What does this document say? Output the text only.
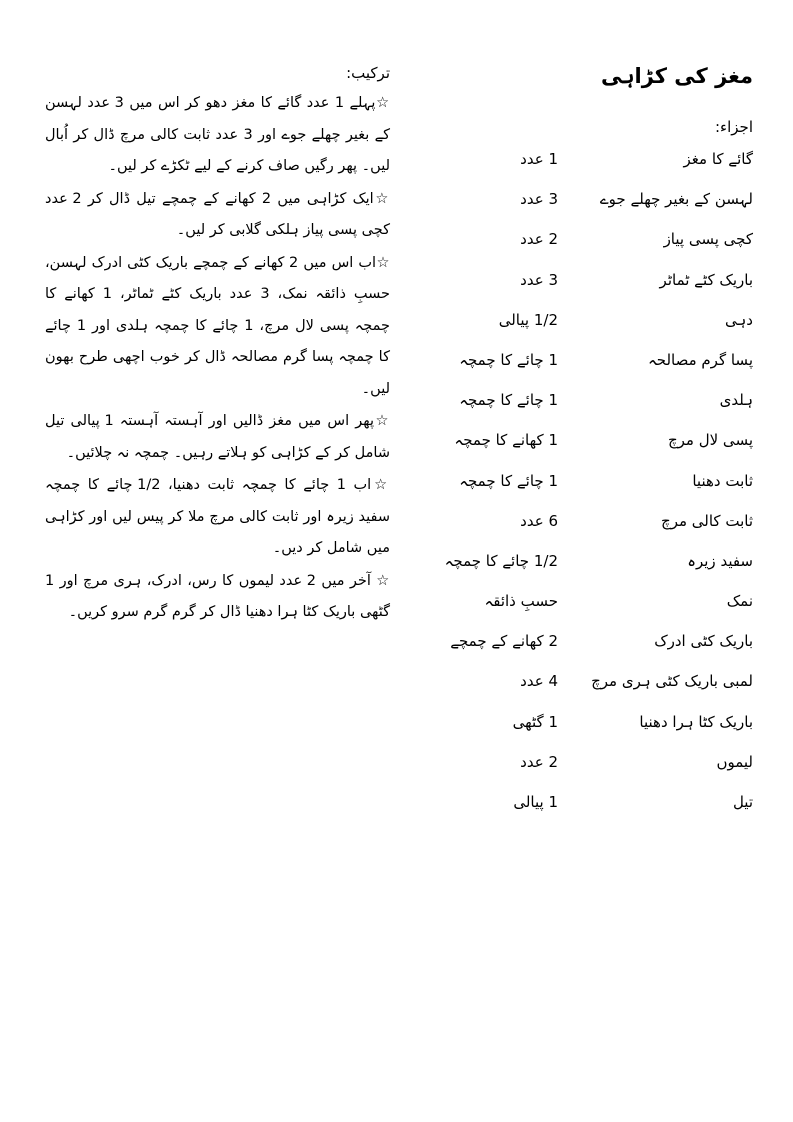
مغز کی کڑاہی
اجزاء:
گائے کا مغز
1 عدد
لہسن کے بغیر چھلے جوے
3 عدد
کچی پسی پیاز
2 عدد
باریک کٹے ٹماٹر
3 عدد
دہی
1/2 پیالی
پسا گرم مصالحہ
1 چائے کا چمچہ
ہلدی
1 چائے کا چمچہ
پسی لال مرچ
1 کھانے کا چمچہ
ثابت دھنیا
1 چائے کا چمچہ
ثابت کالی مرچ
6 عدد
سفید زیرہ
1/2 چائے کا چمچہ
نمک
حسبِ ذائقہ
باریک کٹی ادرک
2 کھانے کے چمچے
لمبی باریک کٹی ہری مرچ
4 عدد
باریک کٹا ہرا دھنیا
1 گٹھی
لیموں
2 عدد
تیل
1 پیالی
ترکیب:
☆پہلے 1 عدد گائے کا مغز دھو کر اس میں 3 عدد لہسن کے بغیر چھلے جوے اور 3 عدد ثابت کالی مرچ ڈال کر اُبال لیں۔ پھر رگیں صاف کرنے کے لیے ٹکڑے کر لیں۔
☆ایک کڑاہی میں 2 کھانے کے چمچے تیل ڈال کر 2 عدد کچی پسی پیاز ہلکی گلابی کر لیں۔
☆اب اس میں 2 کھانے کے چمچے باریک کٹی ادرک لہسن، حسبِ ذائقہ نمک، 3 عدد باریک کٹے ٹماٹر، 1 کھانے کا چمچہ پسی لال مرچ، 1 چائے کا چمچہ ہلدی اور 1 چائے کا چمچہ پسا گرم مصالحہ ڈال کر خوب اچھی طرح بھون لیں۔
☆پھر اس میں مغز ڈالیں اور آہستہ آہستہ 1 پیالی تیل شامل کر کے کڑاہی کو ہلاتے رہیں۔ چمچہ نہ چلائیں۔
☆اب 1 چائے کا چمچہ ثابت دھنیا، 1/2 چائے کا چمچہ سفید زیرہ اور ثابت کالی مرچ ملا کر پیس لیں اور کڑاہی میں شامل کر دیں۔
☆ آخر میں 2 عدد لیموں کا رس، ادرک، ہری مرچ اور 1 گٹھی باریک کٹا ہرا دھنیا ڈال کر گرم گرم سرو کریں۔
